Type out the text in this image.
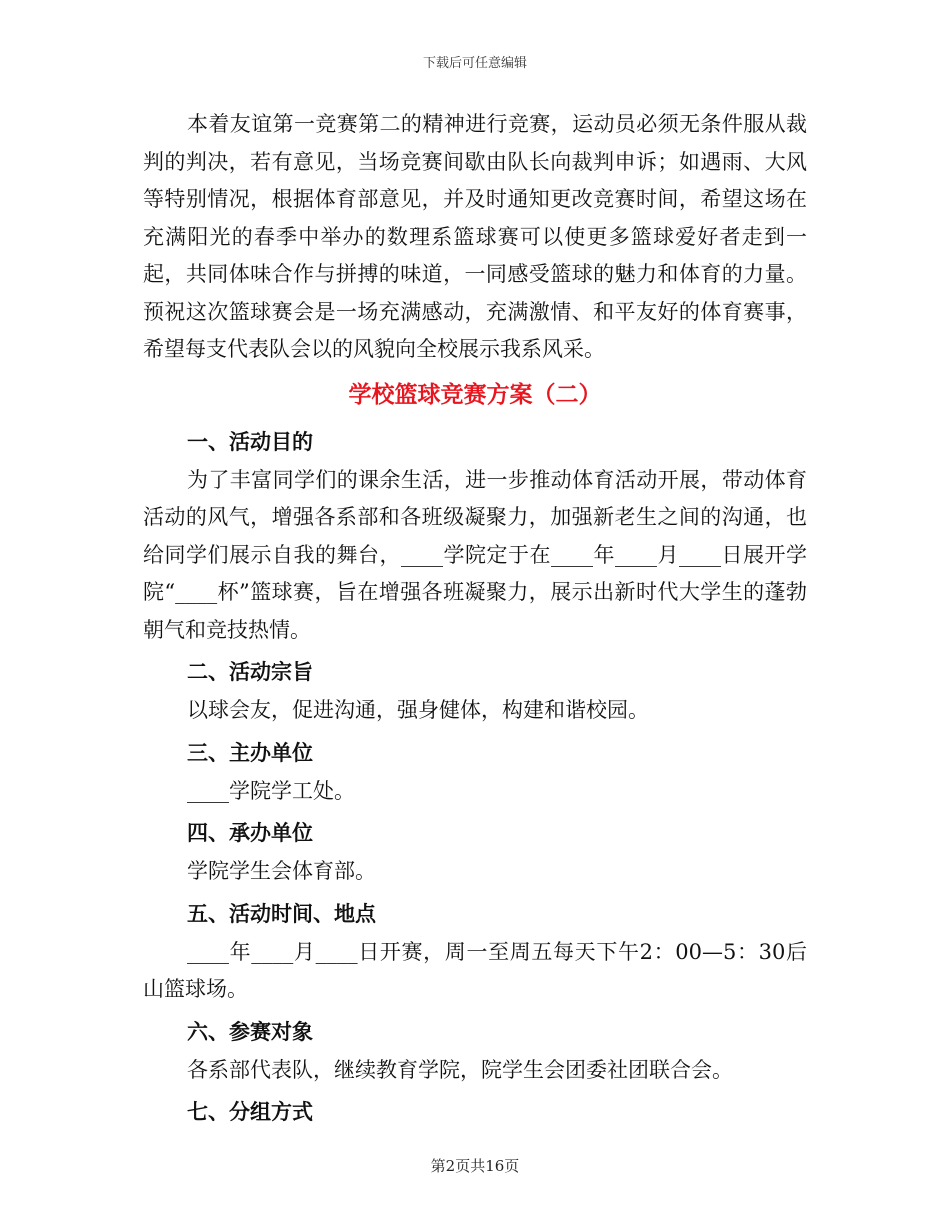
下载后可任意编辑

本着友谊第一竞赛第二的精神进行竞赛，运动员必须无条件服从裁判的判决，若有意见，当场竞赛间歇由队长向裁判申诉；如遇雨、大风等特别情况，根据体育部意见，并及时通知更改竞赛时间，希望这场在充满阳光的春季中举办的数理系篮球赛可以使更多篮球爱好者走到一起，共同体味合作与拼搏的味道，一同感受篮球的魅力和体育的力量。预祝这次篮球赛会是一场充满感动，充满激情、和平友好的体育赛事，希望每支代表队会以的风貌向全校展示我系风采。

学校篮球竞赛方案（二）
一、活动目的

为了丰富同学们的课余生活，进一步推动体育活动开展，带动体育活动的风气，增强各系部和各班级凝聚力，加强新老生之间的沟通，也给同学们展示自我的舞台，____学院定于在____年____月____日展开学院“____杯”篮球赛，旨在增强各班凝聚力，展示出新时代大学生的蓬勃朝气和竞技热情。

二、活动宗旨

以球会友，促进沟通，强身健体，构建和谐校园。

三、主办单位

____学院学工处。

四、承办单位

学院学生会体育部。

五、活动时间、地点

____年____月____日开赛，周一至周五每天下午2：00—5：30后山篮球场。

六、参赛对象

各系部代表队，继续教育学院，院学生会团委社团联合会。

七、分组方式
第2页共16页
